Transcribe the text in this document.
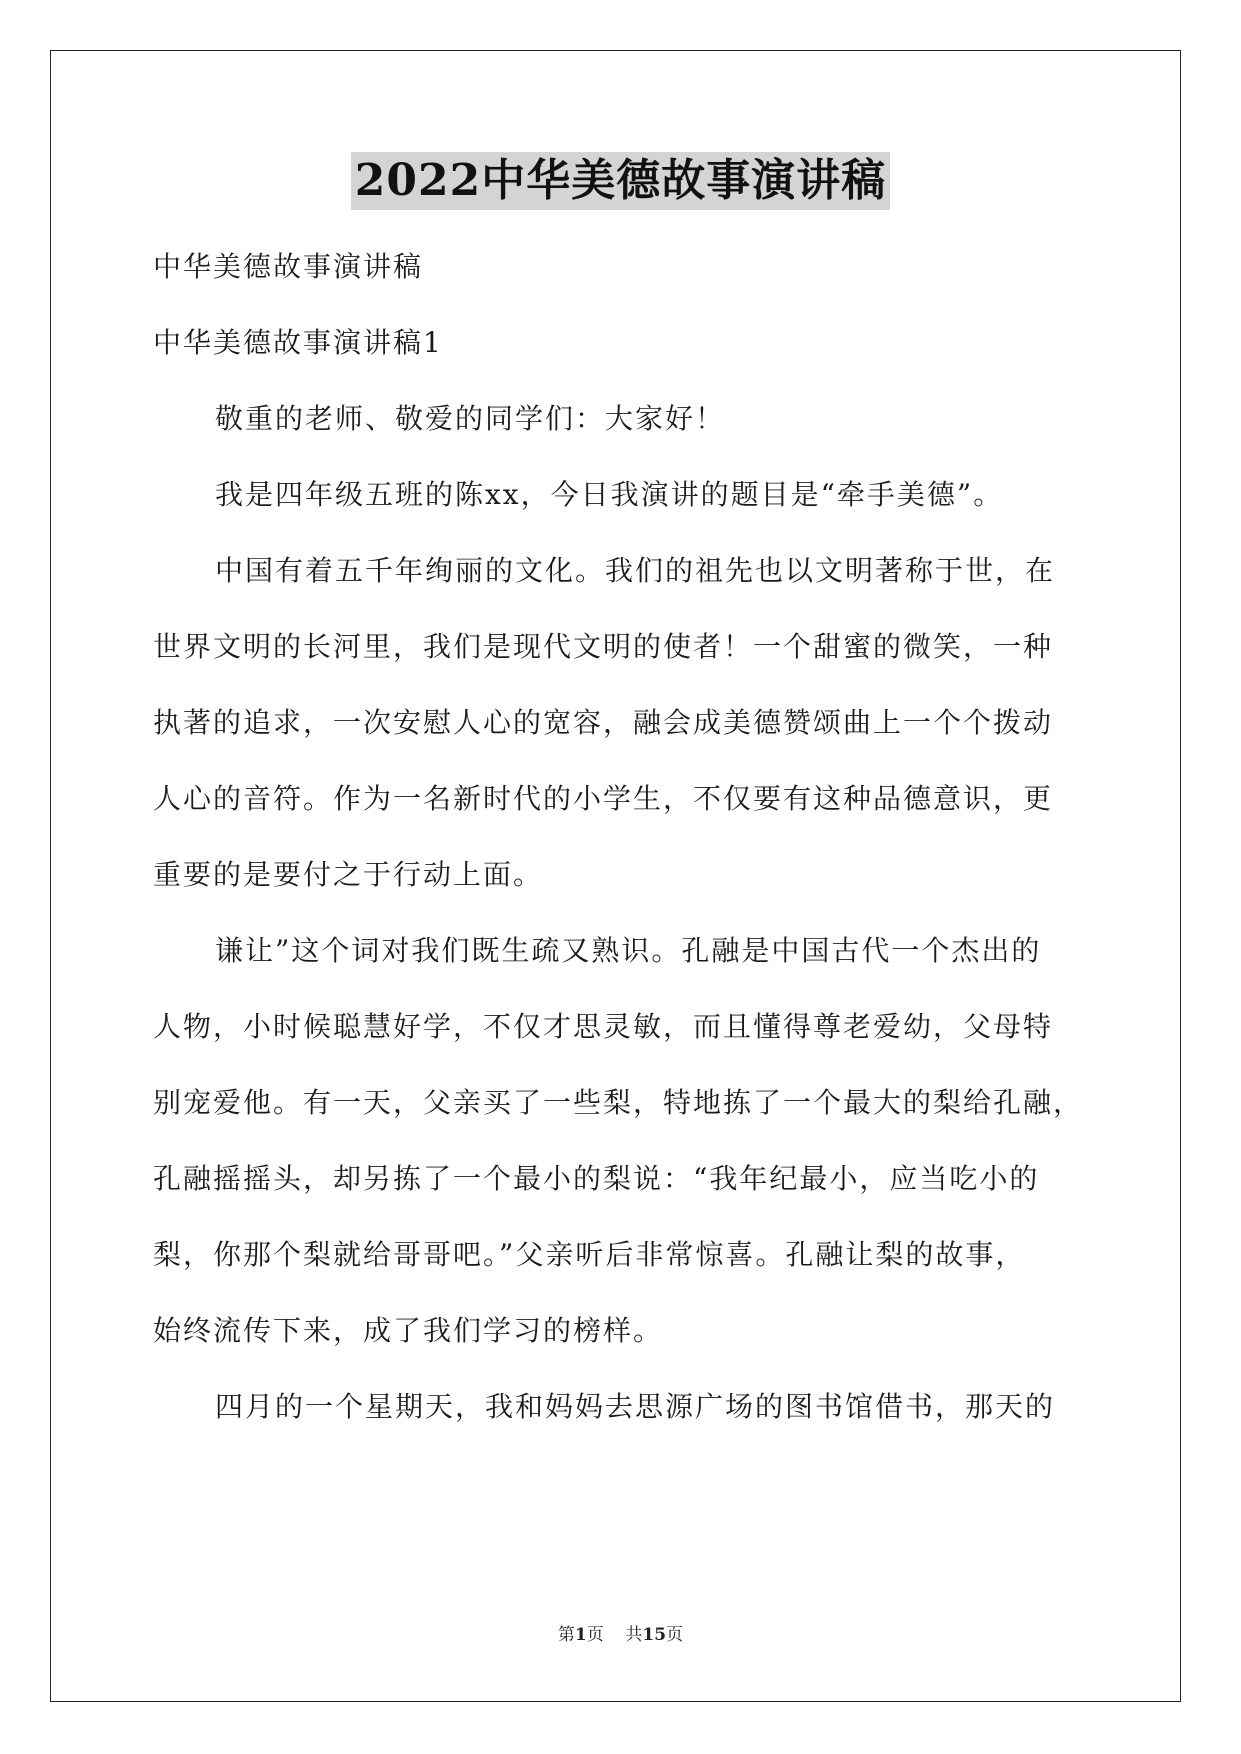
2022中华美德故事演讲稿
中华美德故事演讲稿
中华美德故事演讲稿1
敬重的老师、敬爱的同学们：大家好！
我是四年级五班的陈xx，今日我演讲的题目是“牵手美德”。
中国有着五千年绚丽的文化。我们的祖先也以文明著称于世，在
世界文明的长河里，我们是现代文明的使者！一个甜蜜的微笑，一种
执著的追求，一次安慰人心的宽容，融会成美德赞颂曲上一个个拨动
人心的音符。作为一名新时代的小学生，不仅要有这种品德意识，更
重要的是要付之于行动上面。
谦让”这个词对我们既生疏又熟识。孔融是中国古代一个杰出的
人物，小时候聪慧好学，不仅才思灵敏，而且懂得尊老爱幼，父母特
别宠爱他。有一天，父亲买了一些梨，特地拣了一个最大的梨给孔融，
孔融摇摇头，却另拣了一个最小的梨说：“我年纪最小，应当吃小的
梨，你那个梨就给哥哥吧。”父亲听后非常惊喜。孔融让梨的故事，
始终流传下来，成了我们学习的榜样。
四月的一个星期天，我和妈妈去思源广场的图书馆借书，那天的
第1页 共15页
